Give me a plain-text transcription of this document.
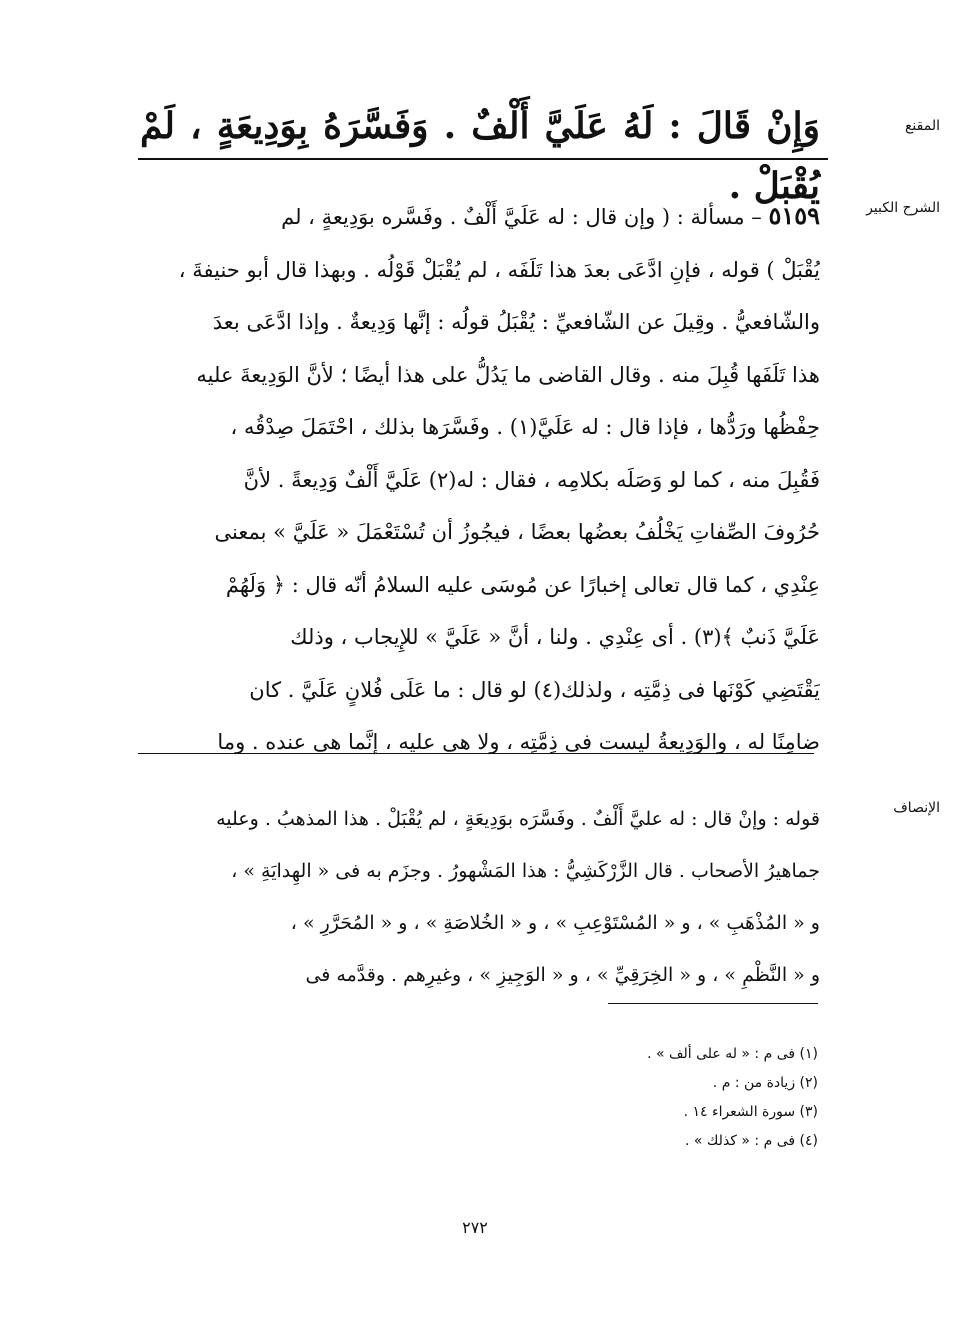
المقنع
وَإِنْ قَالَ : لَهُ عَلَيَّ أَلْفٌ . وَفَسَّرَهُ بِوَدِيعَةٍ ، لَمْ يُقْبَلْ .
الشرح الكبير
٥١٥٩ – مسألة : ( وإن قال : له عَلَيَّ أَلْفٌ . وفَسَّره بوَدِيعةٍ ، لم
يُقْبَلْ ) قوله ، فإنِ ادَّعَى بعدَ هذا تَلَفَه ، لم يُقْبَلْ قَوْلُه . وبهذا قال أبو حنيفةَ ،
والشّافعيُّ . وقِيلَ عن الشّافعيِّ : يُقْبَلُ قولُه : إنَّها وَدِيعةٌ . وإذا ادَّعَى بعدَ
هذا تَلَفَها قُبِلَ منه . وقال القاضى ما يَدُلُّ على هذا أيضًا ؛ لأنَّ الوَدِيعةَ عليه
حِفْظُها ورَدُّها ، فإذا قال : له عَلَيَّ(١) . وفَسَّرَها بذلك ، احْتَمَلَ صِدْقُه ،
فَقُبِلَ منه ، كما لو وَصَلَه بكلامِه ، فقال : له(٢) عَلَيَّ أَلْفٌ وَدِيعةً . لأنَّ
حُرُوفَ الصِّفاتِ يَخْلُفُ بعضُها بعضًا ، فيجُوزُ أن تُسْتَعْمَلَ « عَلَيَّ » بمعنى
عِنْدِي ، كما قال تعالى إخبارًا عن مُوسَى عليه السلامُ أنّه قال : ﴿ وَلَهُمْ
عَلَيَّ ذَنبٌ ﴾(٣) . أى عِنْدِي . ولنا ، أنَّ « عَلَيَّ » للإِيجاب ، وذلك
يَقْتَضِي كَوْنَها فى ذِمَّتِه ، ولذلك(٤) لو قال : ما عَلَى فُلانٍ عَلَيَّ . كان
ضامِنًا له ، والوَدِيعةُ ليست فى ذِمَّتِه ، ولا هى عليه ، إنَّما هى عنده . وما
الإنصاف
قوله : وإنْ قال : له عليَّ أَلْفٌ . وفَسَّرَه بوَدِيعَةٍ ، لم يُقْبَلْ . هذا المذهبُ . وعليه
جماهيرُ الأصحاب . قال الزَّرْكَشِيُّ : هذا المَشْهورُ . وجزَم به فى « الهِدايَةِ » ،
و « المُذْهَبِ » ، و « المُسْتَوْعِبِ » ، و « الخُلاصَةِ » ، و « المُحَرَّرِ » ،
و « النَّظْمِ » ، و « الخِرَقِيِّ » ، و « الوَجِيزِ » ، وغيرِهم . وقدَّمه فى
(١) فى م : « له على ألف » .
(٢) زيادة من : م .
(٣) سورة الشعراء ١٤ .
(٤) فى م : « كذلك » .
٢٧٢
